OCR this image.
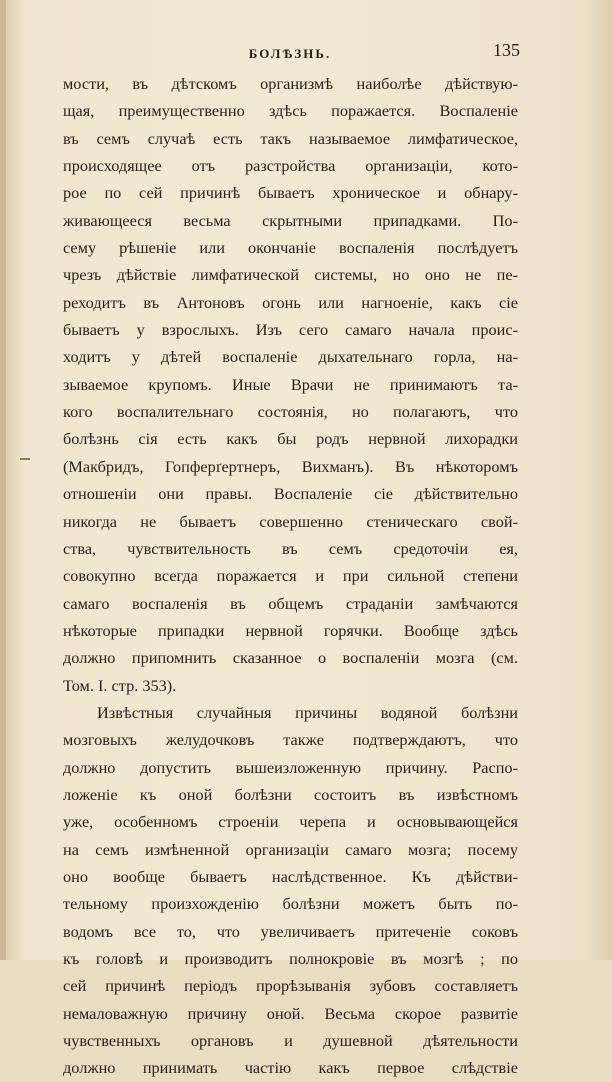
БОЛѢЗНЬ.	135
мости, въ дѣтскомъ организмѣ наиболѣе дѣйствую-
щая, преимущественно здѣсь поражается. Воспаленіе
въ семъ случаѣ есть такъ называемое лимфатическое,
происходящее отъ разстройства организаціи, кото-
рое по сей причинѣ бываетъ хроническое и обнару-
живающееся весьма скрытными припадками. По-
сему рѣшеніе или окончаніе воспаленія послѣдуетъ
чрезъ дѣйствіе лимфатической системы, но оно не пе-
реходитъ въ Антоновъ огонь или нагноеніе, какъ сіе
бываетъ у взрослыхъ. Изъ сего самаго начала проис-
ходитъ у дѣтей воспаленіе дыхательнаго горла, на-
зываемое крупомъ. Иные Врачи не принимаютъ та-
кого воспалительнаго состоянія, но полагаютъ, что
болѣзнь сія есть какъ бы родъ нервной лихорадки
(Макбридъ, Гопферґертнеръ, Вихманъ). Въ нѣкоторомъ
отношеніи они правы. Воспаленіе сіе дѣйствительно
никогда не бываетъ совершенно стеническаго свой-
ства, чувствительность въ семъ средоточіи ея,
совокупно всегда поражается и при сильной степени
самаго воспаленія въ общемъ страданіи замѣчаются
нѣкоторые припадки нервной горячки. Вообще здѣсь
должно припомнить сказанное о воспаленіи мозга (см.
Том. I. стр. 353).
Извѣстныя случайныя причины водяной болѣзни
мозговыхъ желудочковъ также подтверждаютъ, что
должно допустить вышеизложенную причину. Распо-
ложеніе къ оной болѣзни состоитъ въ извѣстномъ
уже, особенномъ строеніи черепа и основывающейся
на семъ измѣненной организаціи самаго мозга; посему
оно вообще бываетъ наслѣдственное. Къ дѣйстви-
тельному произхожденію болѣзни можетъ быть по-
водомъ все то, что увеличиваетъ притеченіе соковъ
къ головѣ и производитъ полнокровіе въ мозгѣ ; по
сей причинѣ періодъ прорѣзыванія зубовъ составляетъ
немаловажную причину оной. Весьма скорое развитіе
чувственныхъ органовъ и душевной дѣятельности
должно принимать частію какъ первое слѣдствіе
